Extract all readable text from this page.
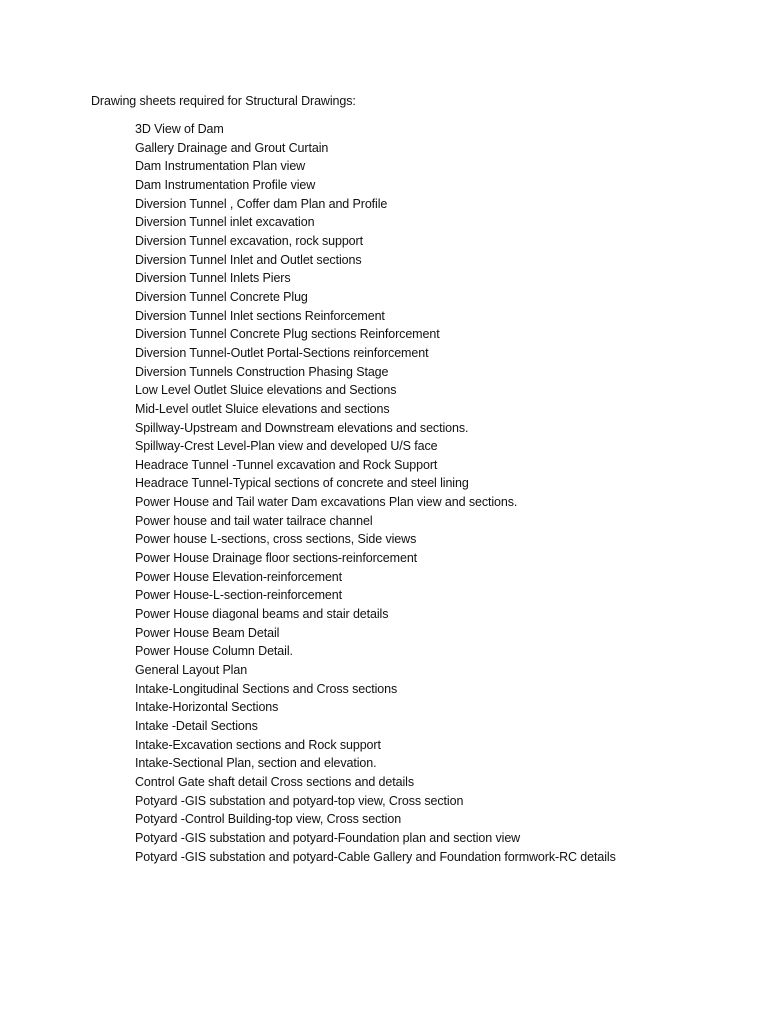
Drawing sheets required for Structural Drawings:
3D View of Dam
Gallery Drainage and Grout Curtain
Dam Instrumentation Plan view
Dam Instrumentation Profile view
Diversion Tunnel , Coffer dam Plan and Profile
Diversion Tunnel inlet excavation
Diversion Tunnel excavation, rock support
Diversion Tunnel Inlet and Outlet sections
Diversion Tunnel Inlets Piers
Diversion Tunnel Concrete Plug
Diversion Tunnel Inlet sections Reinforcement
Diversion Tunnel Concrete Plug sections Reinforcement
Diversion Tunnel-Outlet Portal-Sections reinforcement
Diversion Tunnels Construction Phasing Stage
Low Level Outlet Sluice elevations and Sections
Mid-Level outlet Sluice elevations and sections
Spillway-Upstream and Downstream elevations and sections.
Spillway-Crest Level-Plan view and developed U/S face
Headrace Tunnel -Tunnel excavation and Rock Support
Headrace Tunnel-Typical sections of concrete and steel lining
Power House and Tail water Dam excavations Plan view and sections.
Power house and tail water tailrace channel
Power house L-sections, cross sections, Side views
Power House Drainage floor sections-reinforcement
Power House Elevation-reinforcement
Power House-L-section-reinforcement
Power House diagonal beams and stair details
Power House Beam Detail
Power House Column Detail.
General Layout Plan
Intake-Longitudinal Sections and Cross sections
Intake-Horizontal Sections
Intake -Detail Sections
Intake-Excavation sections and Rock support
Intake-Sectional Plan, section and elevation.
Control Gate shaft detail Cross sections and details
Potyard -GIS substation and potyard-top view, Cross section
Potyard -Control Building-top view, Cross section
Potyard -GIS substation and potyard-Foundation plan and section view
Potyard -GIS substation and potyard-Cable Gallery and Foundation formwork-RC details
